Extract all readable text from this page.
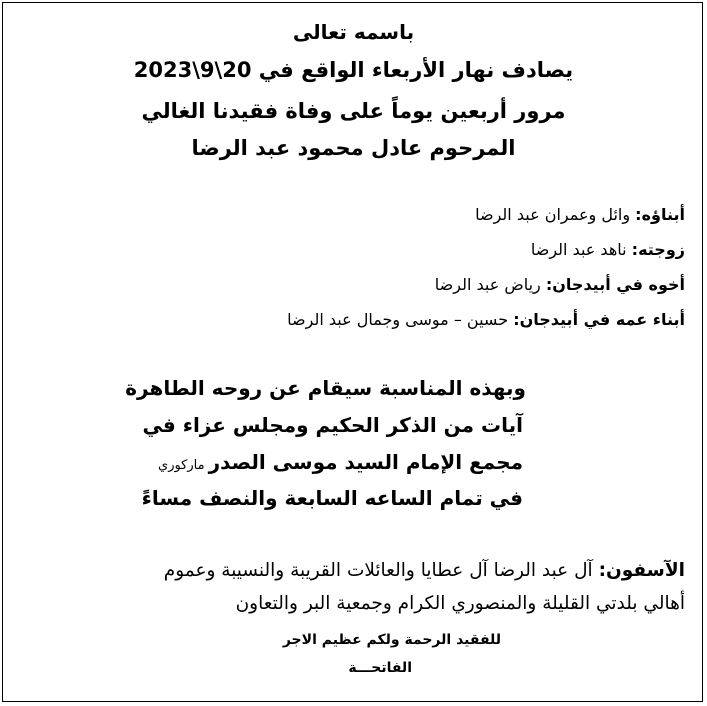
باسمه تعالى
يصادف نهار الأربعاء الواقع في 20\9\2023
مرور أربعين يوماً على وفاة فقيدنا الغالي
المرحوم عادل محمود عبد الرضا
أبناؤه: وائل وعمران عبد الرضا
زوجته: ناهد عبد الرضا
أخوه في أبيدجان: رياض عبد الرضا
أبناء عمه في أبيدجان: حسين – موسى وجمال عبد الرضا
وبهذه المناسبة سيقام عن روحه الطاهرة
آيات من الذكر الحكيم ومجلس عزاء في
مجمع الإمام السيد موسى الصدرماركوري
في تمام الساعه السابعة والنصف مساءً
الآسفون: آل عبد الرضا آل عطايا والعائلات القريبة والنسيبة وعموم
أهالي بلدتي القليلة والمنصوري الكرام وجمعية البر والتعاون
للفقيد الرحمة ولكم عظيم الاجر
الفاتحـــة
